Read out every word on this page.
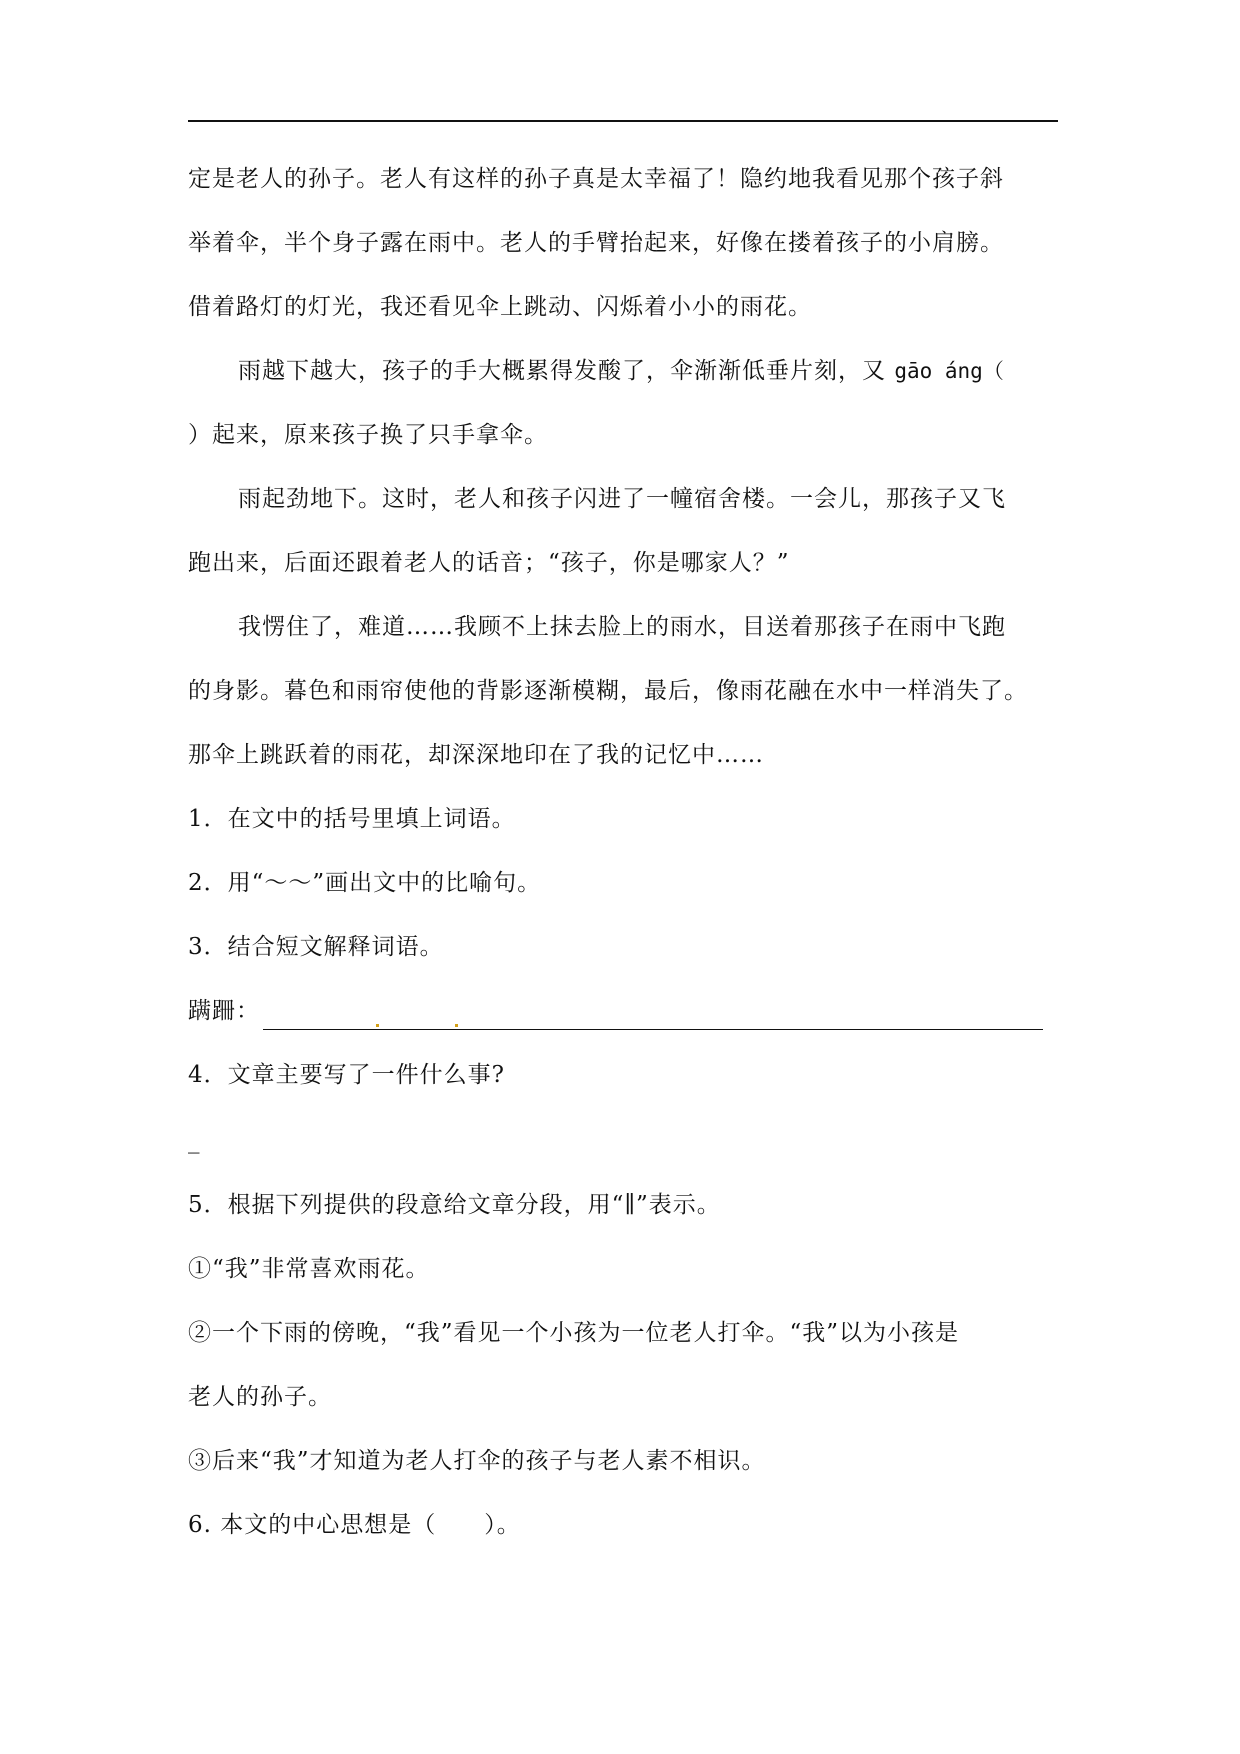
定是老人的孙子。老人有这样的孙子真是太幸福了！隐约地我看见那个孩子斜
举着伞，半个身子露在雨中。老人的手臂抬起来，好像在搂着孩子的小肩膀。
借着路灯的灯光，我还看见伞上跳动、闪烁着小小的雨花。
雨越下越大，孩子的手大概累得发酸了，伞渐渐低垂片刻，又 gāo áng（
）起来，原来孩子换了只手拿伞。
雨起劲地下。这时，老人和孩子闪进了一幢宿舍楼。一会儿，那孩子又飞
跑出来，后面还跟着老人的话音；“孩子，你是哪家人？”
我愣住了，难道……我顾不上抹去脸上的雨水，目送着那孩子在雨中飞跑
的身影。暮色和雨帘使他的背影逐渐模糊，最后，像雨花融在水中一样消失了。
那伞上跳跃着的雨花，却深深地印在了我的记忆中……
1．在文中的括号里填上词语。
2．用“～～”画出文中的比喻句。
3．结合短文解释词语。
蹒跚：
4．文章主要写了一件什么事?
_
5．根据下列提供的段意给文章分段，用“∥”表示。
①“我”非常喜欢雨花。
②一个下雨的傍晚，“我”看见一个小孩为一位老人打伞。“我”以为小孩是
老人的孙子。
③后来“我”才知道为老人打伞的孩子与老人素不相识。
6. 本文的中心思想是（　　）。
